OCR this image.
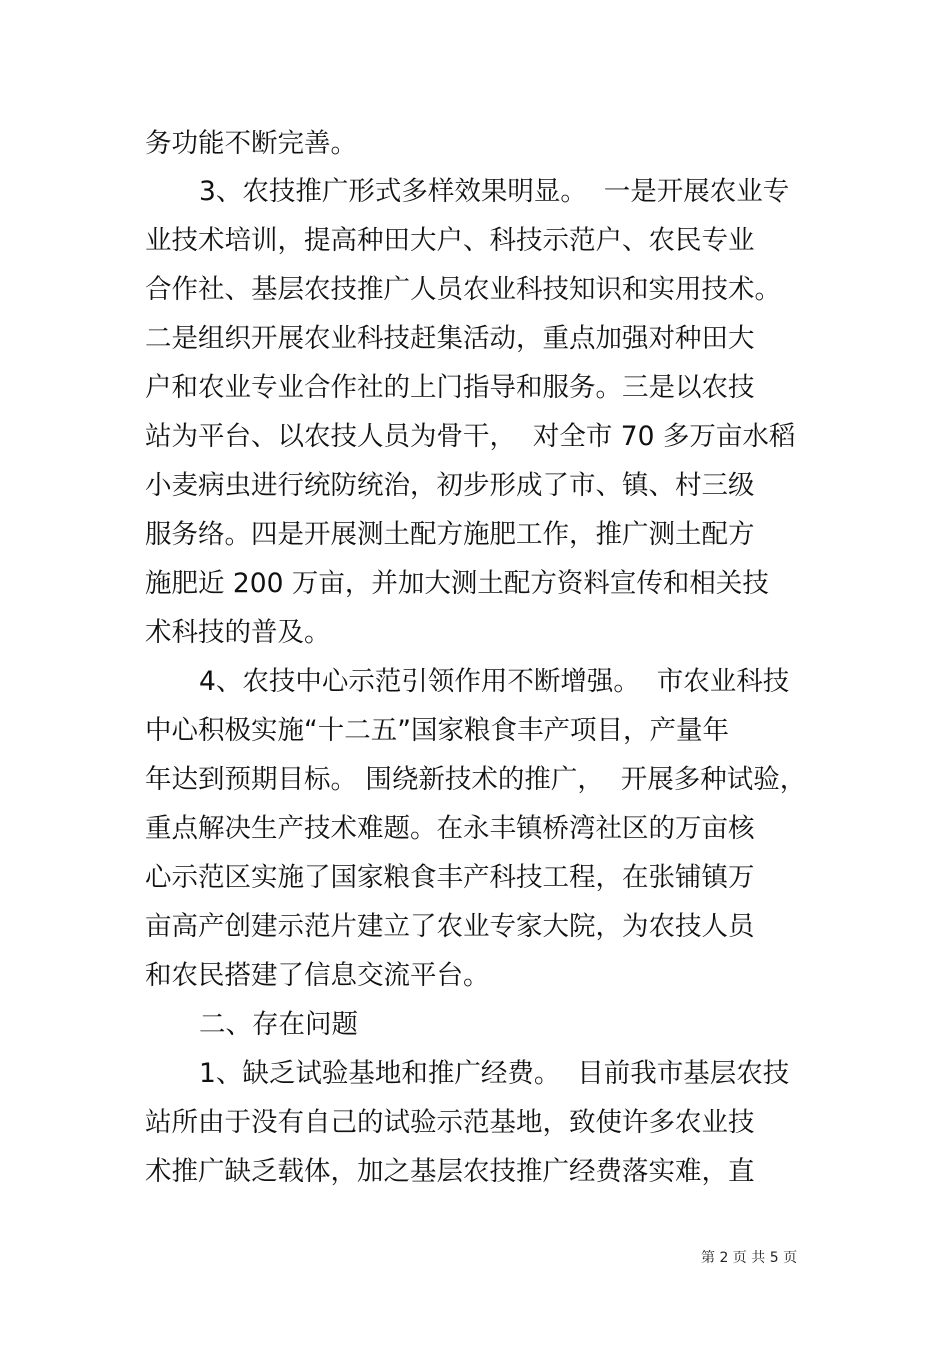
务功能不断完善。
3、农技推广形式多样效果明显。  一是开展农业专
业技术培训，提高种田大户、科技示范户、农民专业
合作社、基层农技推广人员农业科技知识和实用技术。
二是组织开展农业科技赶集活动，重点加强对种田大
户和农业专业合作社的上门指导和服务。三是以农技
站为平台、以农技人员为骨干，  对全市 70 多万亩水稻
小麦病虫进行统防统治，初步形成了市、镇、村三级
服务络。四是开展测土配方施肥工作，推广测土配方
施肥近 200 万亩，并加大测土配方资料宣传和相关技
术科技的普及。
4、农技中心示范引领作用不断增强。  市农业科技
中心积极实施“十二五”国家粮食丰产项目，产量年
年达到预期目标。 围绕新技术的推广，  开展多种试验，
重点解决生产技术难题。在永丰镇桥湾社区的万亩核
心示范区实施了国家粮食丰产科技工程，在张铺镇万
亩高产创建示范片建立了农业专家大院，为农技人员
和农民搭建了信息交流平台。
二、存在问题
1、缺乏试验基地和推广经费。  目前我市基层农技
站所由于没有自己的试验示范基地，致使许多农业技
术推广缺乏载体，加之基层农技推广经费落实难，直
第 2 页 共 5 页
